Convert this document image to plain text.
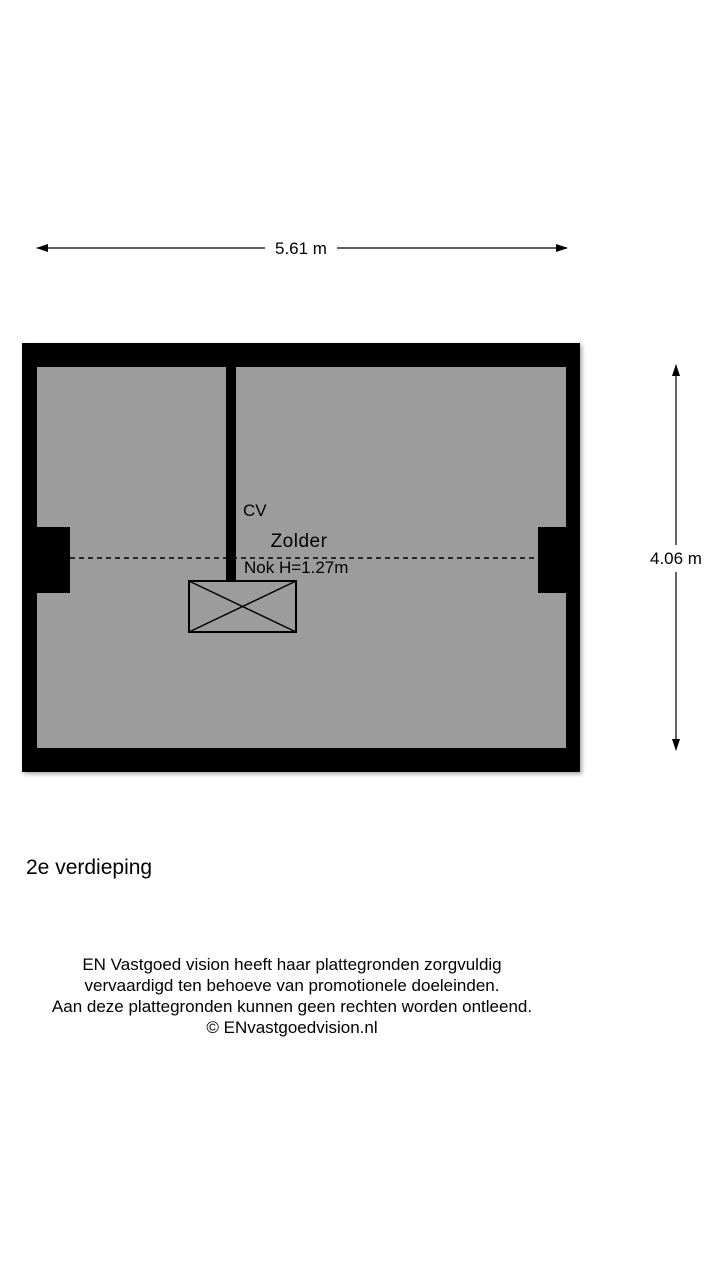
5.61 m
4.06 m
CV
Zolder
Nok H=1.27m
2e verdieping
EN Vastgoed vision heeft haar plattegronden zorgvuldig
vervaardigd ten behoeve van promotionele doeleinden.
Aan deze plattegronden kunnen geen rechten worden ontleend.
© ENvastgoedvision.nl
